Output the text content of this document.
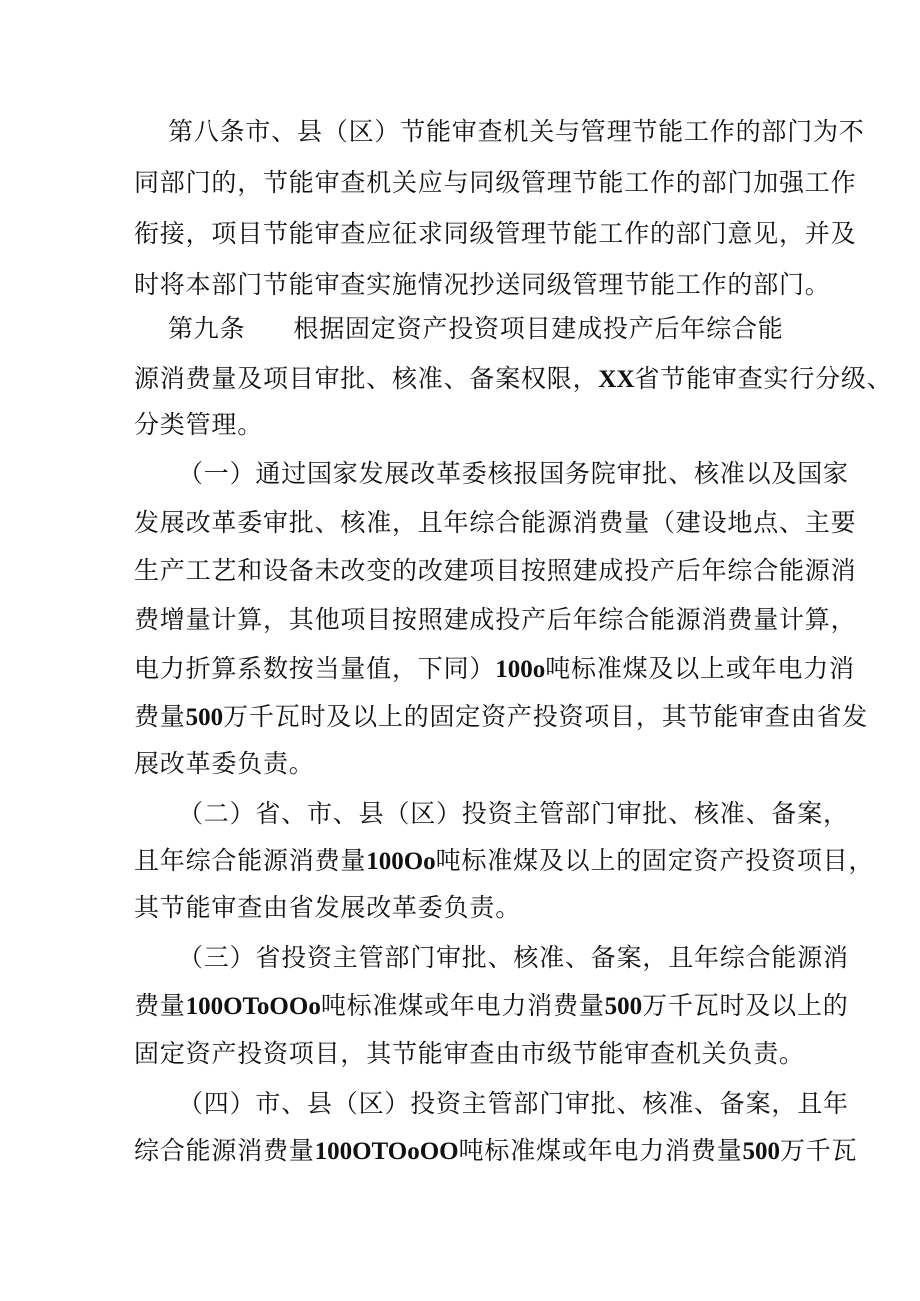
第八条市、县（区）节能审查机关与管理节能工作的部门为不
同部门的，节能审查机关应与同级管理节能工作的部门加强工作
衔接，项目节能审查应征求同级管理节能工作的部门意见，并及
时将本部门节能审查实施情况抄送同级管理节能工作的部门。
第九条 根据固定资产投资项目建成投产后年综合能
源消费量及项目审批、核准、备案权限，XX省节能审查实行分级、
分类管理。
（一）通过国家发展改革委核报国务院审批、核准以及国家
发展改革委审批、核准，且年综合能源消费量（建设地点、主要
生产工艺和设备未改变的改建项目按照建成投产后年综合能源消
费增量计算，其他项目按照建成投产后年综合能源消费量计算，
电力折算系数按当量值，下同）100o吨标准煤及以上或年电力消
费量500万千瓦时及以上的固定资产投资项目，其节能审查由省发
展改革委负责。
（二）省、市、县（区）投资主管部门审批、核准、备案，
且年综合能源消费量100Oo吨标准煤及以上的固定资产投资项目，
其节能审查由省发展改革委负责。
（三）省投资主管部门审批、核准、备案，且年综合能源消
费量100OToOOo吨标准煤或年电力消费量500万千瓦时及以上的
固定资产投资项目，其节能审查由市级节能审查机关负责。
（四）市、县（区）投资主管部门审批、核准、备案，且年
综合能源消费量100OTOoOO吨标准煤或年电力消费量500万千瓦
